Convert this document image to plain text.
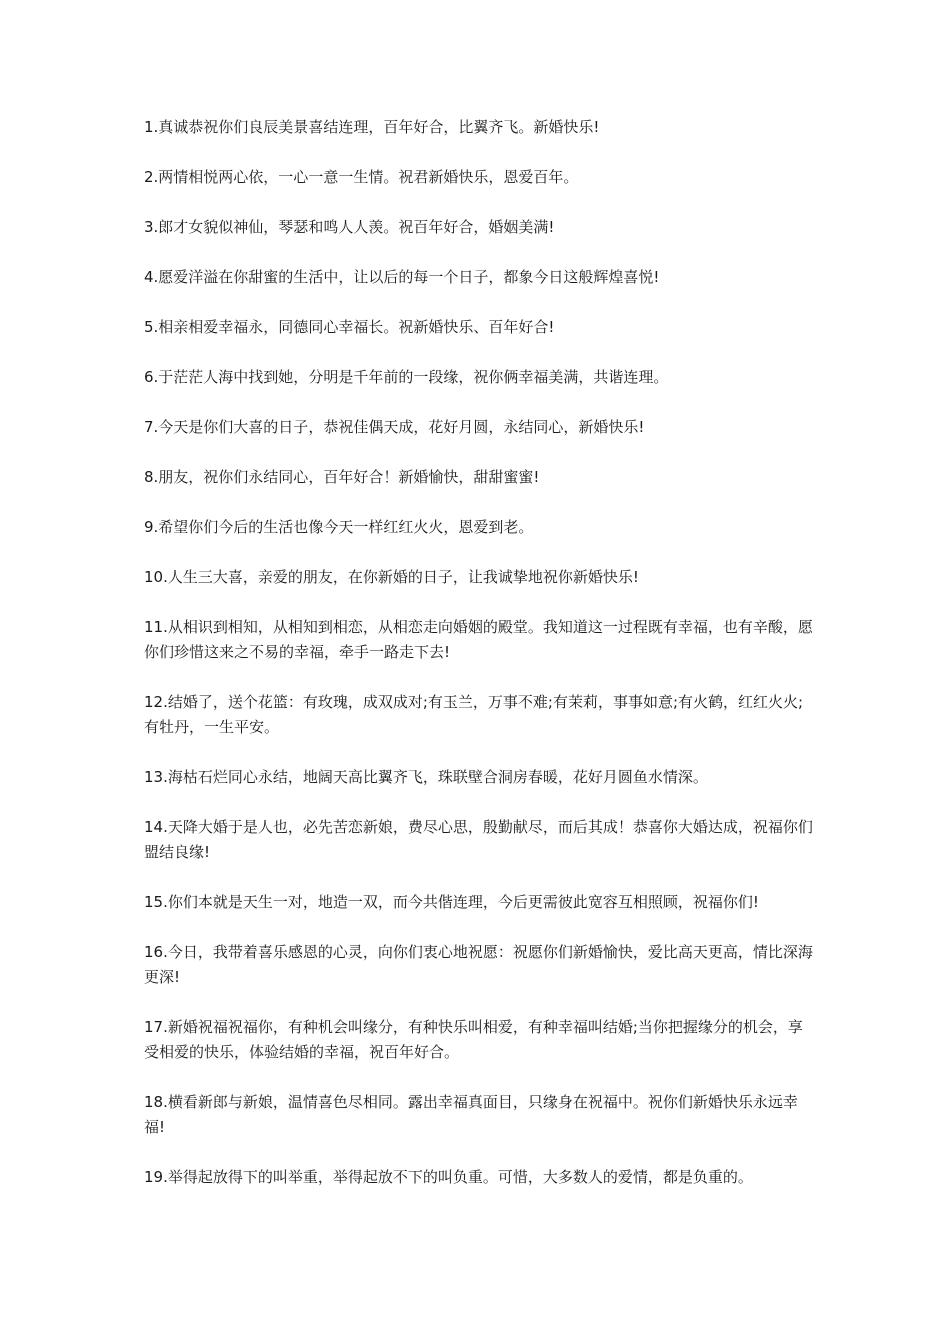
1.真诚恭祝你们良辰美景喜结连理，百年好合，比翼齐飞。新婚快乐!

2.两情相悦两心依，一心一意一生情。祝君新婚快乐，恩爱百年。

3.郎才女貌似神仙，琴瑟和鸣人人羡。祝百年好合，婚姻美满!

4.愿爱洋溢在你甜蜜的生活中，让以后的每一个日子，都象今日这般辉煌喜悦!

5.相亲相爱幸福永，同德同心幸福长。祝新婚快乐、百年好合!

6.于茫茫人海中找到她，分明是千年前的一段缘，祝你俩幸福美满，共谐连理。

7.今天是你们大喜的日子，恭祝佳偶天成，花好月圆，永结同心，新婚快乐!

8.朋友，祝你们永结同心，百年好合！新婚愉快，甜甜蜜蜜!

9.希望你们今后的生活也像今天一样红红火火，恩爱到老。

10.人生三大喜，亲爱的朋友，在你新婚的日子，让我诚挚地祝你新婚快乐!

11.从相识到相知，从相知到相恋，从相恋走向婚姻的殿堂。我知道这一过程既有幸福，也有辛酸，愿你们珍惜这来之不易的幸福，牵手一路走下去!

12.结婚了，送个花篮：有玫瑰，成双成对;有玉兰，万事不难;有茉莉，事事如意;有火鹤，红红火火;有牡丹，一生平安。

13.海枯石烂同心永结，地阔天高比翼齐飞，珠联壁合洞房春暖，花好月圆鱼水情深。

14.天降大婚于是人也，必先苦恋新娘，费尽心思，殷勤献尽，而后其成！恭喜你大婚达成，祝福你们盟结良缘!

15.你们本就是天生一对，地造一双，而今共偕连理，今后更需彼此宽容互相照顾，祝福你们!

16.今日，我带着喜乐感恩的心灵，向你们衷心地祝愿：祝愿你们新婚愉快，爱比高天更高，情比深海更深!

17.新婚祝福祝福你，有种机会叫缘分，有种快乐叫相爱，有种幸福叫结婚;当你把握缘分的机会，享受相爱的快乐，体验结婚的幸福，祝百年好合。

18.横看新郎与新娘，温情喜色尽相同。露出幸福真面目，只缘身在祝福中。祝你们新婚快乐永远幸福!

19.举得起放得下的叫举重，举得起放不下的叫负重。可惜，大多数人的爱情，都是负重的。
